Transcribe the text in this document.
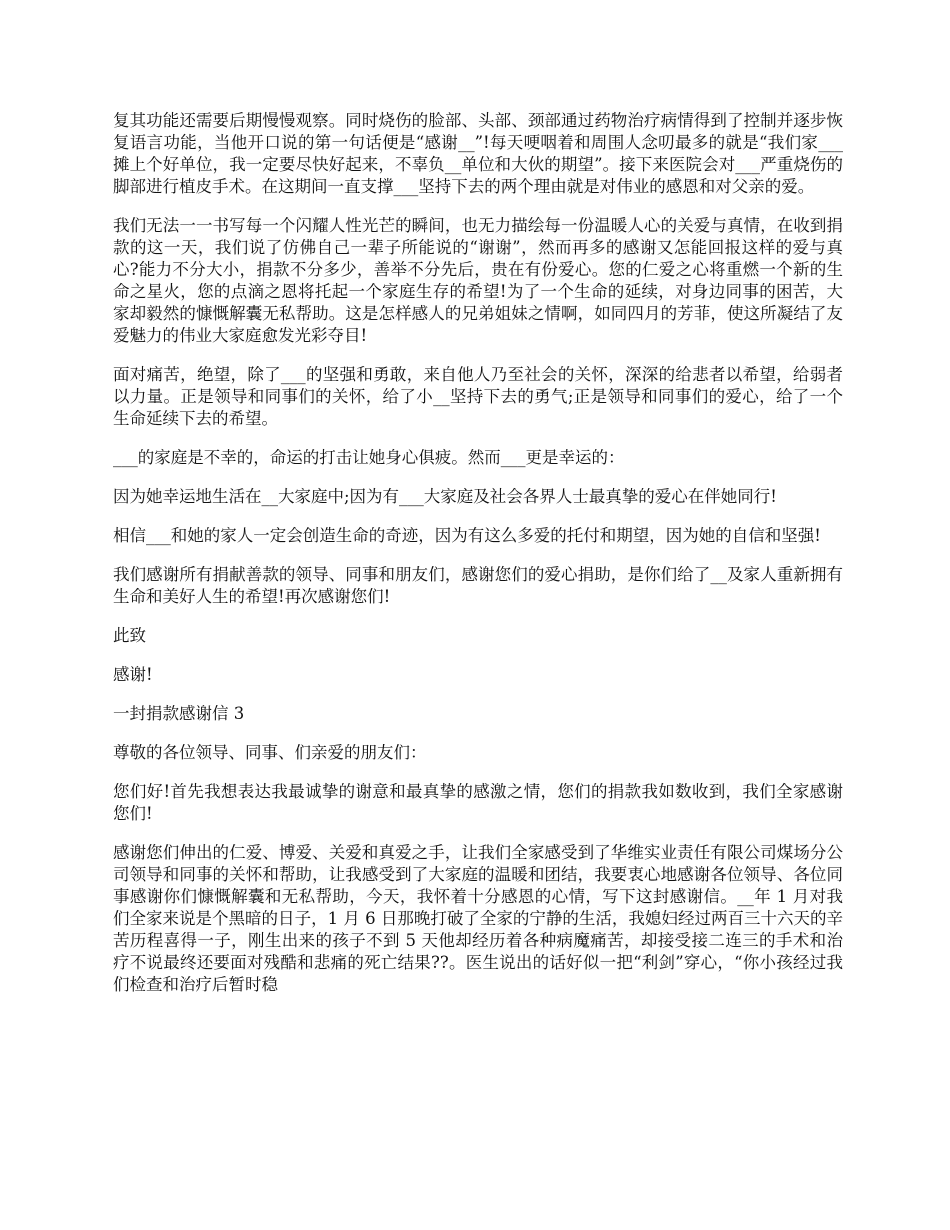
复其功能还需要后期慢慢观察。同时烧伤的脸部、头部、颈部通过药物治疗病情得到了控制并逐步恢复语言功能，当他开口说的第一句话便是“感谢__”!每天哽咽着和周围人念叨最多的就是“我们家___摊上个好单位，我一定要尽快好起来，不辜负__单位和大伙的期望”。接下来医院会对___严重烧伤的脚部进行植皮手术。在这期间一直支撑___坚持下去的两个理由就是对伟业的感恩和对父亲的爱。

我们无法一一书写每一个闪耀人性光芒的瞬间，也无力描绘每一份温暖人心的关爱与真情，在收到捐款的这一天，我们说了仿佛自己一辈子所能说的“谢谢”，然而再多的感谢又怎能回报这样的爱与真心?能力不分大小，捐款不分多少，善举不分先后，贵在有份爱心。您的仁爱之心将重燃一个新的生命之星火，您的点滴之恩将托起一个家庭生存的希望!为了一个生命的延续，对身边同事的困苦，大家却毅然的慷慨解囊无私帮助。这是怎样感人的兄弟姐妹之情啊，如同四月的芳菲，使这所凝结了友爱魅力的伟业大家庭愈发光彩夺目!

面对痛苦，绝望，除了___的坚强和勇敢，来自他人乃至社会的关怀，深深的给悲者以希望，给弱者以力量。正是领导和同事们的关怀，给了小__坚持下去的勇气;正是领导和同事们的爱心，给了一个生命延续下去的希望。

___的家庭是不幸的，命运的打击让她身心俱疲。然而___更是幸运的：

因为她幸运地生活在__大家庭中;因为有___大家庭及社会各界人士最真挚的爱心在伴她同行!

相信___和她的家人一定会创造生命的奇迹，因为有这么多爱的托付和期望，因为她的自信和坚强!

我们感谢所有捐献善款的领导、同事和朋友们，感谢您们的爱心捐助，是你们给了__及家人重新拥有生命和美好人生的希望!再次感谢您们!

此致

感谢!

一封捐款感谢信 3

尊敬的各位领导、同事、们亲爱的朋友们：

您们好!首先我想表达我最诚挚的谢意和最真挚的感激之情，您们的捐款我如数收到，我们全家感谢您们!

感谢您们伸出的仁爱、博爱、关爱和真爱之手，让我们全家感受到了华维实业责任有限公司煤场分公司领导和同事的关怀和帮助，让我感受到了大家庭的温暖和团结，我要衷心地感谢各位领导、各位同事感谢你们慷慨解囊和无私帮助，今天，我怀着十分感恩的心情，写下这封感谢信。__年 1 月对我们全家来说是个黑暗的日子，1 月 6 日那晚打破了全家的宁静的生活，我媳妇经过两百三十六天的辛苦历程喜得一子，刚生出来的孩子不到 5 天他却经历着各种病魔痛苦，却接受接二连三的手术和治疗不说最终还要面对残酷和悲痛的死亡结果??。医生说出的话好似一把“利剑”穿心，“你小孩经过我们检查和治疗后暂时稳
